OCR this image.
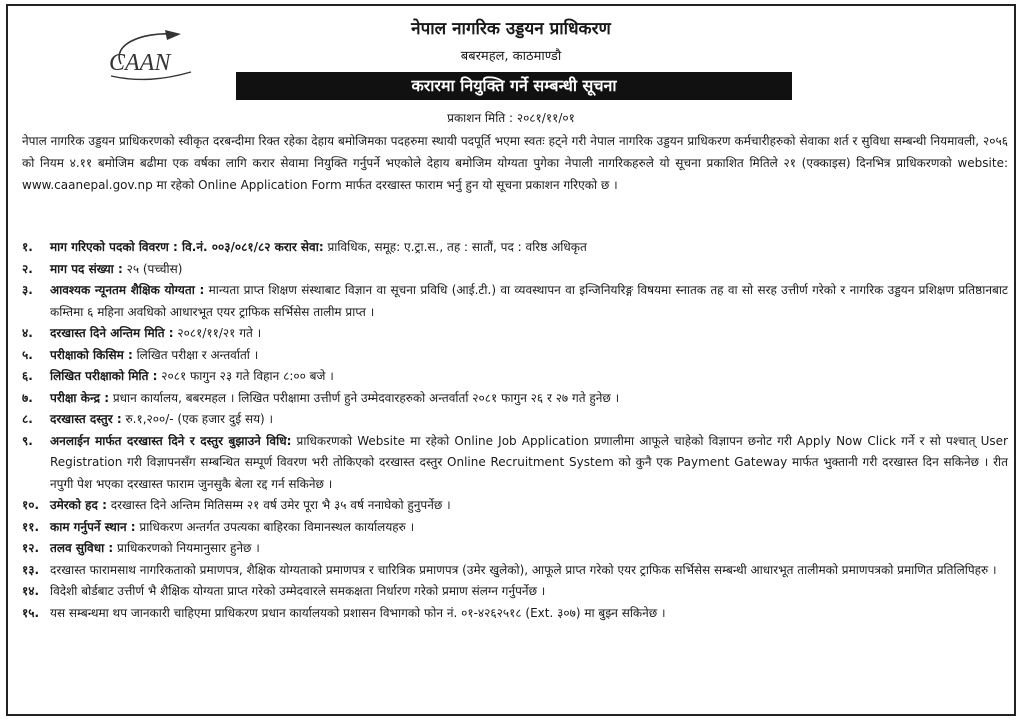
CAAN
नेपाल नागरिक उड्डयन प्राधिकरण
बबरमहल, काठमाण्डौ
करारमा नियुक्ति गर्ने सम्बन्धी सूचना
प्रकाशन मिति : २०८१/११/०१
नेपाल नागरिक उड्डयन प्राधिकरणको स्वीकृत दरबन्दीमा रिक्त रहेका देहाय बमोजिमका पदहरुमा स्थायी पदपूर्ति भएमा स्वतः हट्ने गरी नेपाल नागरिक उड्डयन प्राधिकरण कर्मचारीहरुको सेवाका शर्त र सुविधा सम्बन्धी नियमावली, २०५६ को नियम ४.११ बमोजिम बढीमा एक वर्षका लागि करार सेवामा नियुक्ति गर्नुपर्ने भएकोले देहाय बमोजिम योग्यता पुगेका नेपाली नागरिकहरुले यो सूचना प्रकाशित मितिले २१ (एक्काइस) दिनभित्र प्राधिकरणको website: www.caanepal.gov.np मा रहेको Online Application Form मार्फत दरखास्त फाराम भर्नु हुन यो सूचना प्रकाशन गरिएको छ ।
१.	माग गरिएको पदको विवरण : वि.नं. ००३/०८१/८२ करार सेवा: प्राविधिक, समूह: ए.ट्रा.स., तह : सातौं, पद : वरिष्ठ अधिकृत
२.	माग पद संख्या : २५ (पच्चीस)
३.	आवश्यक न्यूनतम शैक्षिक योग्यता : मान्यता प्राप्त शिक्षण संस्थाबाट विज्ञान वा सूचना प्रविधि (आई.टी.) वा व्यवस्थापन वा इन्जिनियरिङ्ग विषयमा स्नातक तह वा सो सरह उत्तीर्ण गरेको र नागरिक उड्डयन प्रशिक्षण प्रतिष्ठानबाट कम्तिमा ६ महिना अवधिको आधारभूत एयर ट्राफिक सर्भिसेस तालीम प्राप्त ।
४.	दरखास्त दिने अन्तिम मिति : २०८१/११/२१ गते ।
५.	परीक्षाको किसिम : लिखित परीक्षा र अन्तर्वार्ता ।
६.	लिखित परीक्षाको मिति : २०८१ फागुन २३ गते विहान ८:०० बजे ।
७.	परीक्षा केन्द्र : प्रधान कार्यालय, बबरमहल । लिखित परीक्षामा उत्तीर्ण हुने उम्मेदवारहरुको अन्तर्वार्ता २०८१ फागुन २६ र २७ गते हुनेछ ।
८.	दरखास्त दस्तुर : रु.१,२००/- (एक हजार दुई सय) ।
९.	अनलाईन मार्फत दरखास्त दिने र दस्तुर बुझाउने विधि: प्राधिकरणको Website मा रहेको Online Job Application प्रणालीमा आफूले चाहेको विज्ञापन छनोट गरी Apply Now Click गर्ने र सो पश्चात् User Registration गरी विज्ञापनसँग सम्बन्धित सम्पूर्ण विवरण भरी तोकिएको दरखास्त दस्तुर Online Recruitment System को कुनै एक Payment Gateway मार्फत भुक्तानी गरी दरखास्त दिन सकिनेछ । रीत नपुगी पेश भएका दरखास्त फाराम जुनसुकै बेला रद्द गर्न सकिनेछ ।
१०. उमेरको हद : दरखास्त दिने अन्तिम मितिसम्म २१ वर्ष उमेर पूरा भै ३५ वर्ष ननाघेको हुनुपर्नेछ ।
११. काम गर्नुपर्ने स्थान : प्राधिकरण अन्तर्गत उपत्यका बाहिरका विमानस्थल कार्यालयहरु ।
१२. तलव सुविधा : प्राधिकरणको नियमानुसार हुनेछ ।
१३. दरखास्त फारामसाथ नागरिकताको प्रमाणपत्र, शैक्षिक योग्यताको प्रमाणपत्र र चारित्रिक प्रमाणपत्र (उमेर खुलेको), आफूले प्राप्त गरेको एयर ट्राफिक सर्भिसेस सम्बन्धी आधारभूत तालीमको प्रमाणपत्रको प्रमाणित प्रतिलिपिहरु ।
१४. विदेशी बोर्डबाट उत्तीर्ण भै शैक्षिक योग्यता प्राप्त गरेको उम्मेदवारले समकक्षता निर्धारण गरेको प्रमाण संलग्न गर्नुपर्नेछ ।
१५. यस सम्बन्धमा थप जानकारी चाहिएमा प्राधिकरण प्रधान कार्यालयको प्रशासन विभागको फोन नं. ०१-४२६२५१८ (Ext. ३०७) मा बुझ्न सकिनेछ ।
